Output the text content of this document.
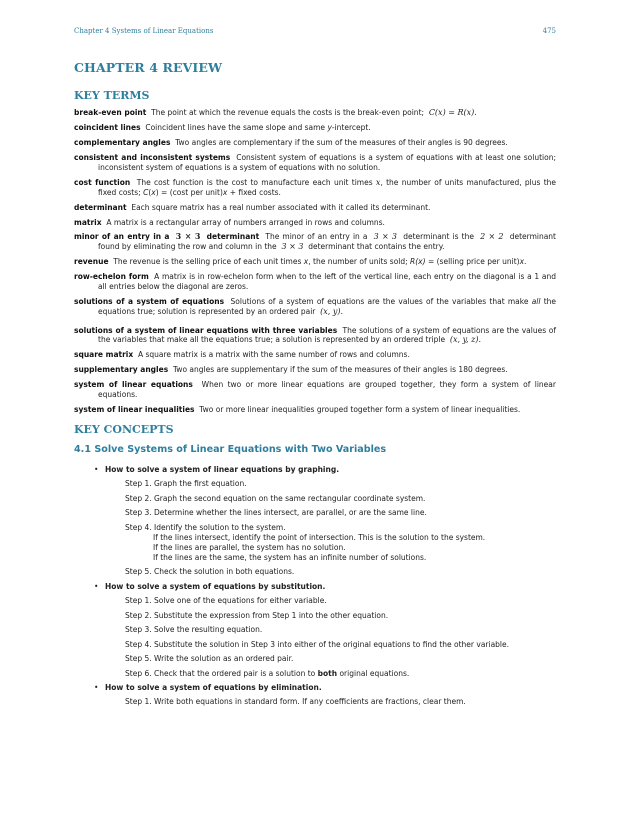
Chapter 4 Systems of Linear Equations	475
CHAPTER 4 REVIEW
KEY TERMS
break-even point The point at which the revenue equals the costs is the break-even point; C(x) = R(x).
coincident lines Coincident lines have the same slope and same y-intercept.
complementary angles Two angles are complementary if the sum of the measures of their angles is 90 degrees.
consistent and inconsistent systems Consistent system of equations is a system of equations with at least one solution; inconsistent system of equations is a system of equations with no solution.
cost function The cost function is the cost to manufacture each unit times x, the number of units manufactured, plus the fixed costs; C(x) = (cost per unit)x + fixed costs.
determinant Each square matrix has a real number associated with it called its determinant.
matrix A matrix is a rectangular array of numbers arranged in rows and columns.
minor of an entry in a 3 × 3 determinant The minor of an entry in a 3 × 3 determinant is the 2 × 2 determinant found by eliminating the row and column in the 3 × 3 determinant that contains the entry.
revenue The revenue is the selling price of each unit times x, the number of units sold; R(x) = (selling price per unit)x.
row-echelon form A matrix is in row-echelon form when to the left of the vertical line, each entry on the diagonal is a 1 and all entries below the diagonal are zeros.
solutions of a system of equations Solutions of a system of equations are the values of the variables that make all the equations true; solution is represented by an ordered pair (x, y).
solutions of a system of linear equations with three variables The solutions of a system of equations are the values of the variables that make all the equations true; a solution is represented by an ordered triple (x, y, z).
square matrix A square matrix is a matrix with the same number of rows and columns.
supplementary angles Two angles are supplementary if the sum of the measures of their angles is 180 degrees.
system of linear equations When two or more linear equations are grouped together, they form a system of linear equations.
system of linear inequalities Two or more linear inequalities grouped together form a system of linear inequalities.
KEY CONCEPTS
4.1 Solve Systems of Linear Equations with Two Variables
• How to solve a system of linear equations by graphing.
Step 1. Graph the first equation.
Step 2. Graph the second equation on the same rectangular coordinate system.
Step 3. Determine whether the lines intersect, are parallel, or are the same line.
Step 4. Identify the solution to the system.
If the lines intersect, identify the point of intersection. This is the solution to the system.
If the lines are parallel, the system has no solution.
If the lines are the same, the system has an infinite number of solutions.
Step 5. Check the solution in both equations.
• How to solve a system of equations by substitution.
Step 1. Solve one of the equations for either variable.
Step 2. Substitute the expression from Step 1 into the other equation.
Step 3. Solve the resulting equation.
Step 4. Substitute the solution in Step 3 into either of the original equations to find the other variable.
Step 5. Write the solution as an ordered pair.
Step 6. Check that the ordered pair is a solution to both original equations.
• How to solve a system of equations by elimination.
Step 1. Write both equations in standard form. If any coefficients are fractions, clear them.
